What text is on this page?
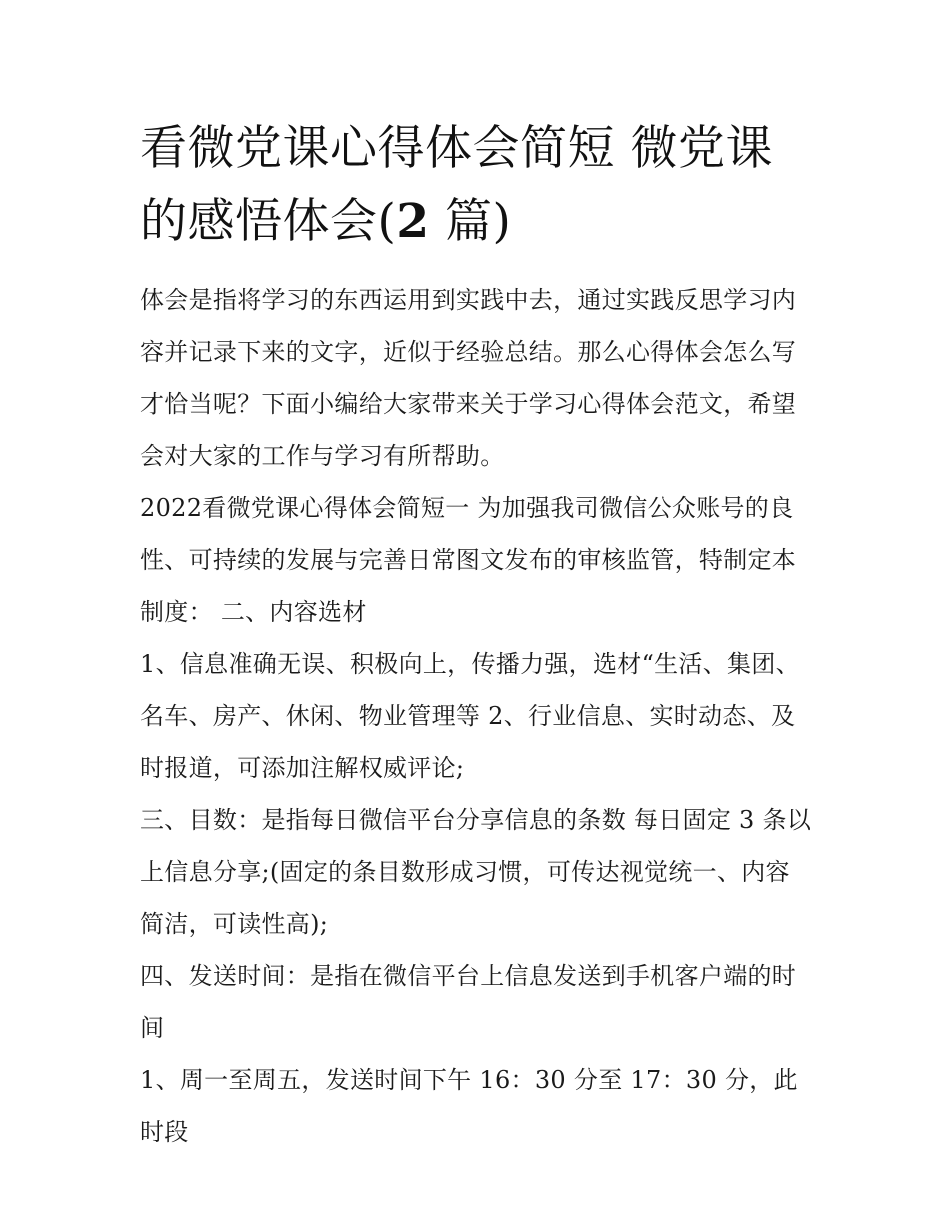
看微党课心得体会简短 微党课的感悟体会(2 篇)

体会是指将学习的东西运用到实践中去，通过实践反思学习内容并记录下来的文字，近似于经验总结。那么心得体会怎么写才恰当呢？下面小编给大家带来关于学习心得体会范文，希望会对大家的工作与学习有所帮助。

2022看微党课心得体会简短一 为加强我司微信公众账号的良性、可持续的发展与完善日常图文发布的审核监管，特制定本制度： 二、内容选材

1、信息准确无误、积极向上，传播力强，选材“生活、集团、名车、房产、休闲、物业管理等 2、行业信息、实时动态、及时报道，可添加注解权威评论;

三、目数：是指每日微信平台分享信息的条数 每日固定 3 条以上信息分享;(固定的条目数形成习惯，可传达视觉统一、内容简洁，可读性高);

四、发送时间：是指在微信平台上信息发送到手机客户端的时间

1、周一至周五，发送时间下午 16：30 分至 17：30 分，此时段
